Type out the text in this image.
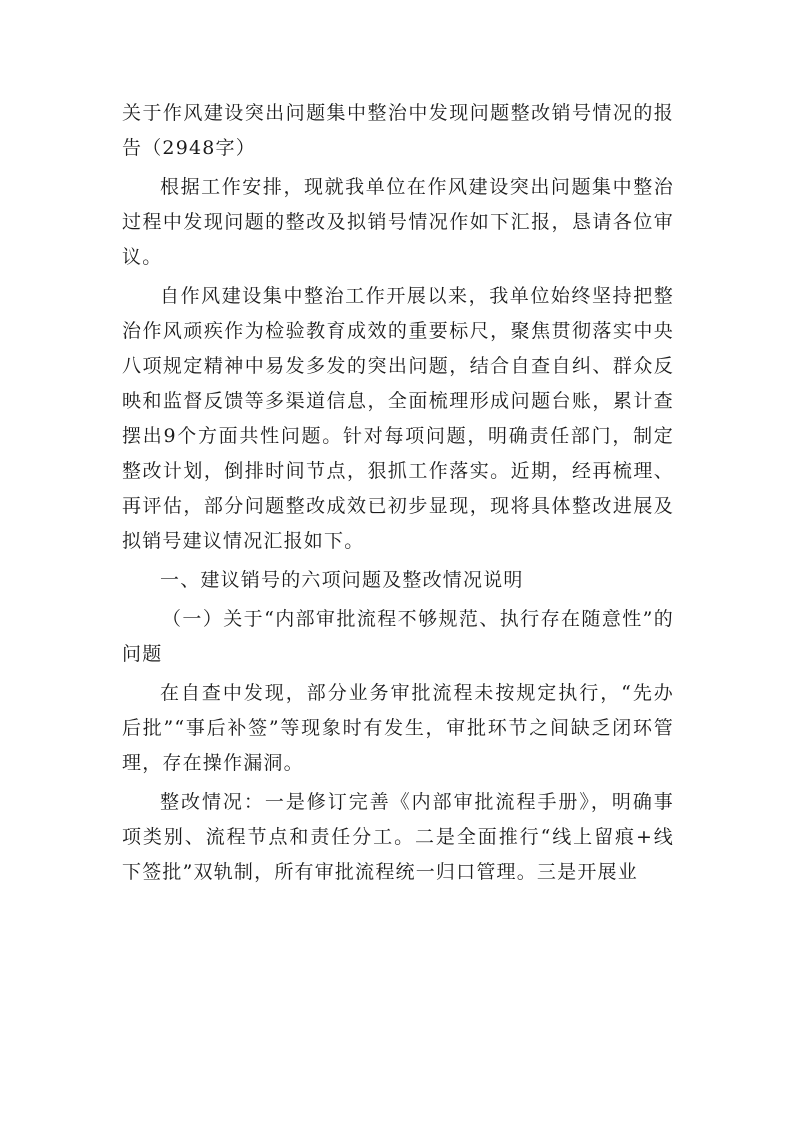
关于作风建设突出问题集中整治中发现问题整改销号情况的报告（2948字）

根据工作安排，现就我单位在作风建设突出问题集中整治过程中发现问题的整改及拟销号情况作如下汇报，恳请各位审议。

自作风建设集中整治工作开展以来，我单位始终坚持把整治作风顽疾作为检验教育成效的重要标尺，聚焦贯彻落实中央八项规定精神中易发多发的突出问题，结合自查自纠、群众反映和监督反馈等多渠道信息，全面梳理形成问题台账，累计查摆出9个方面共性问题。针对每项问题，明确责任部门，制定整改计划，倒排时间节点，狠抓工作落实。近期，经再梳理、再评估，部分问题整改成效已初步显现，现将具体整改进展及拟销号建议情况汇报如下。

一、建议销号的六项问题及整改情况说明

（一）关于“内部审批流程不够规范、执行存在随意性”的问题

在自查中发现，部分业务审批流程未按规定执行，“先办后批”“事后补签”等现象时有发生，审批环节之间缺乏闭环管理，存在操作漏洞。

整改情况：一是修订完善《内部审批流程手册》，明确事项类别、流程节点和责任分工。二是全面推行“线上留痕+线下签批”双轨制，所有审批流程统一归口管理。三是开展业
